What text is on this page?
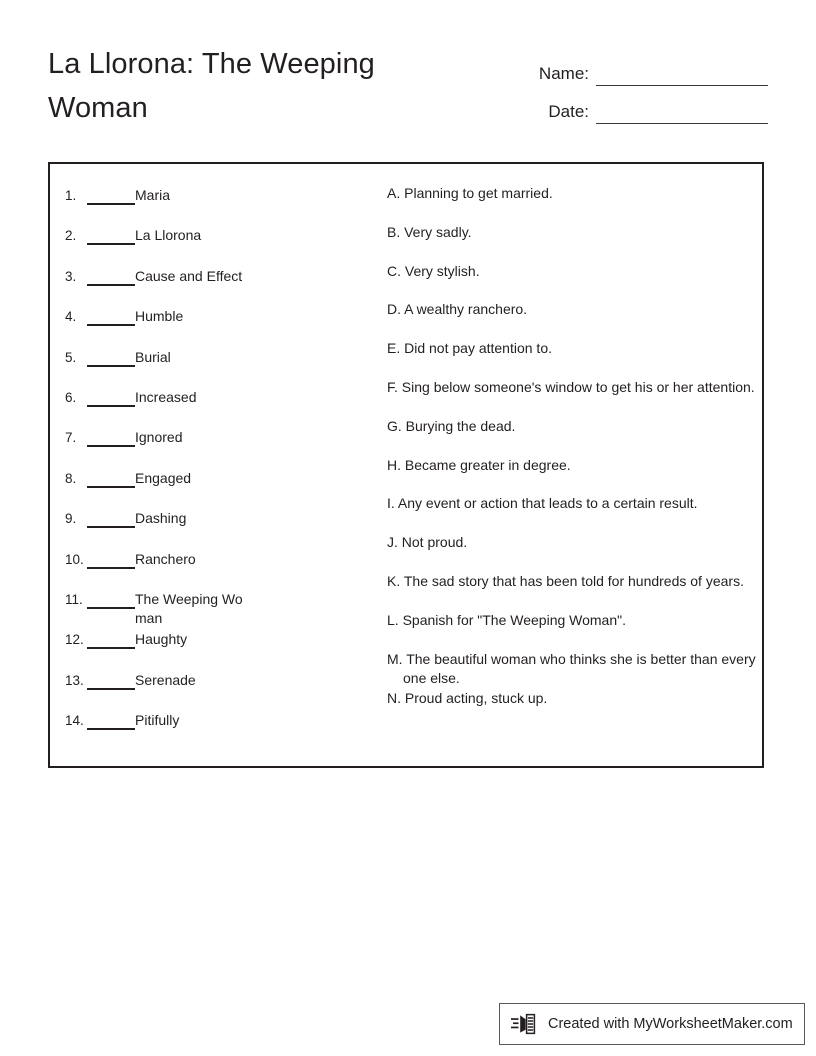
La Llorona: The Weeping Woman
Name:
Date:
1.	Maria
2.	La Llorona
3.	Cause and Effect
4.	Humble
5.	Burial
6.	Increased
7.	Ignored
8.	Engaged
9.	Dashing
10.	Ranchero
11.	The Weeping Woman
12.	Haughty
13.	Serenade
14.	Pitifully
A. Planning to get married.
B. Very sadly.
C. Very stylish.
D. A wealthy ranchero.
E. Did not pay attention to.
F. Sing below someone's window to get his or her attention.
G. Burying the dead.
H. Became greater in degree.
I. Any event or action that leads to a certain result.
J. Not proud.
K. The sad story that has been told for hundreds of years.
L. Spanish for "The Weeping Woman".
M. The beautiful woman who thinks she is better than everyone else.
N. Proud acting, stuck up.
Created with MyWorksheetMaker.com
